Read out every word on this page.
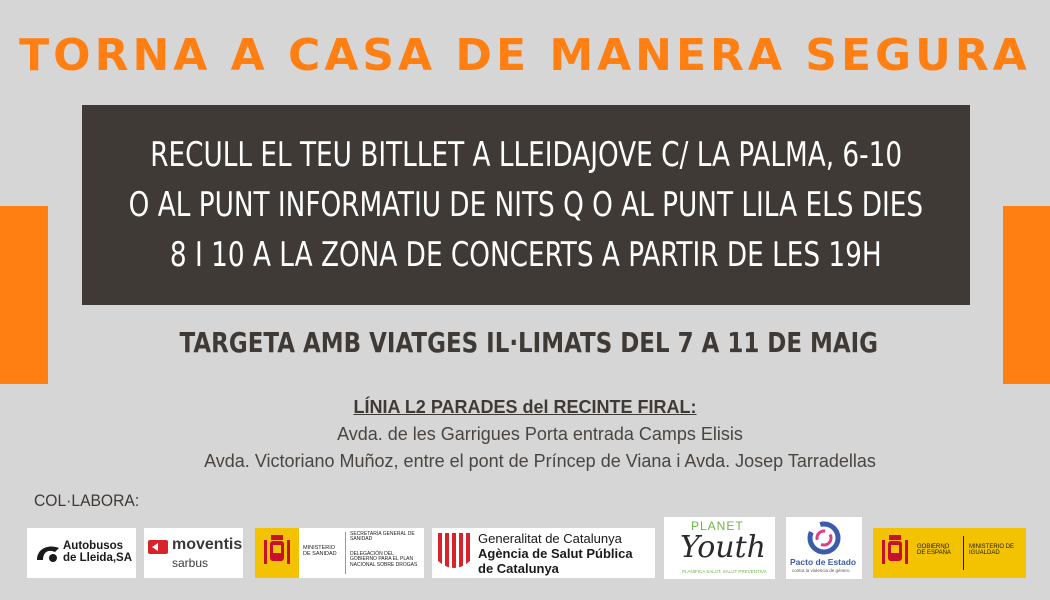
TORNA A CASA DE MANERA SEGURA
RECULL EL TEU BITLLET A LLEIDAJOVE C/ LA PALMA, 6-10
O AL PUNT INFORMATIU DE NITS Q O AL PUNT LILA ELS DIES
8 I 10 A LA ZONA DE CONCERTS A PARTIR DE LES 19H
TARGETA AMB VIATGES IL·LIMATS DEL 7 A 11 DE MAIG
LÍNIA L2 PARADES del RECINTE FIRAL:
Avda. de les Garrigues Porta entrada Camps Elisis
Avda. Victoriano Muñoz, entre el pont de Príncep de Viana i Avda. Josep Tarradellas
COL·LABORA:
Autobusos
de Lleida,SA
moventis
sarbus
MINISTERIO DE SANIDAD
SECRETARÍA GENERAL DE SANIDAD
DELEGACIÓN DEL GOBIERNO PARA EL PLAN NACIONAL SOBRE DROGAS
Generalitat de Catalunya
Agència de Salut Pública
de Catalunya
PLANET
Youth
PLANIFICA SALUT, SALUT PREVENTIVA
Pacto de Estado
contra la violencia de género
GOBIERNO DE ESPAÑA
MINISTERIO DE IGUALDAD
